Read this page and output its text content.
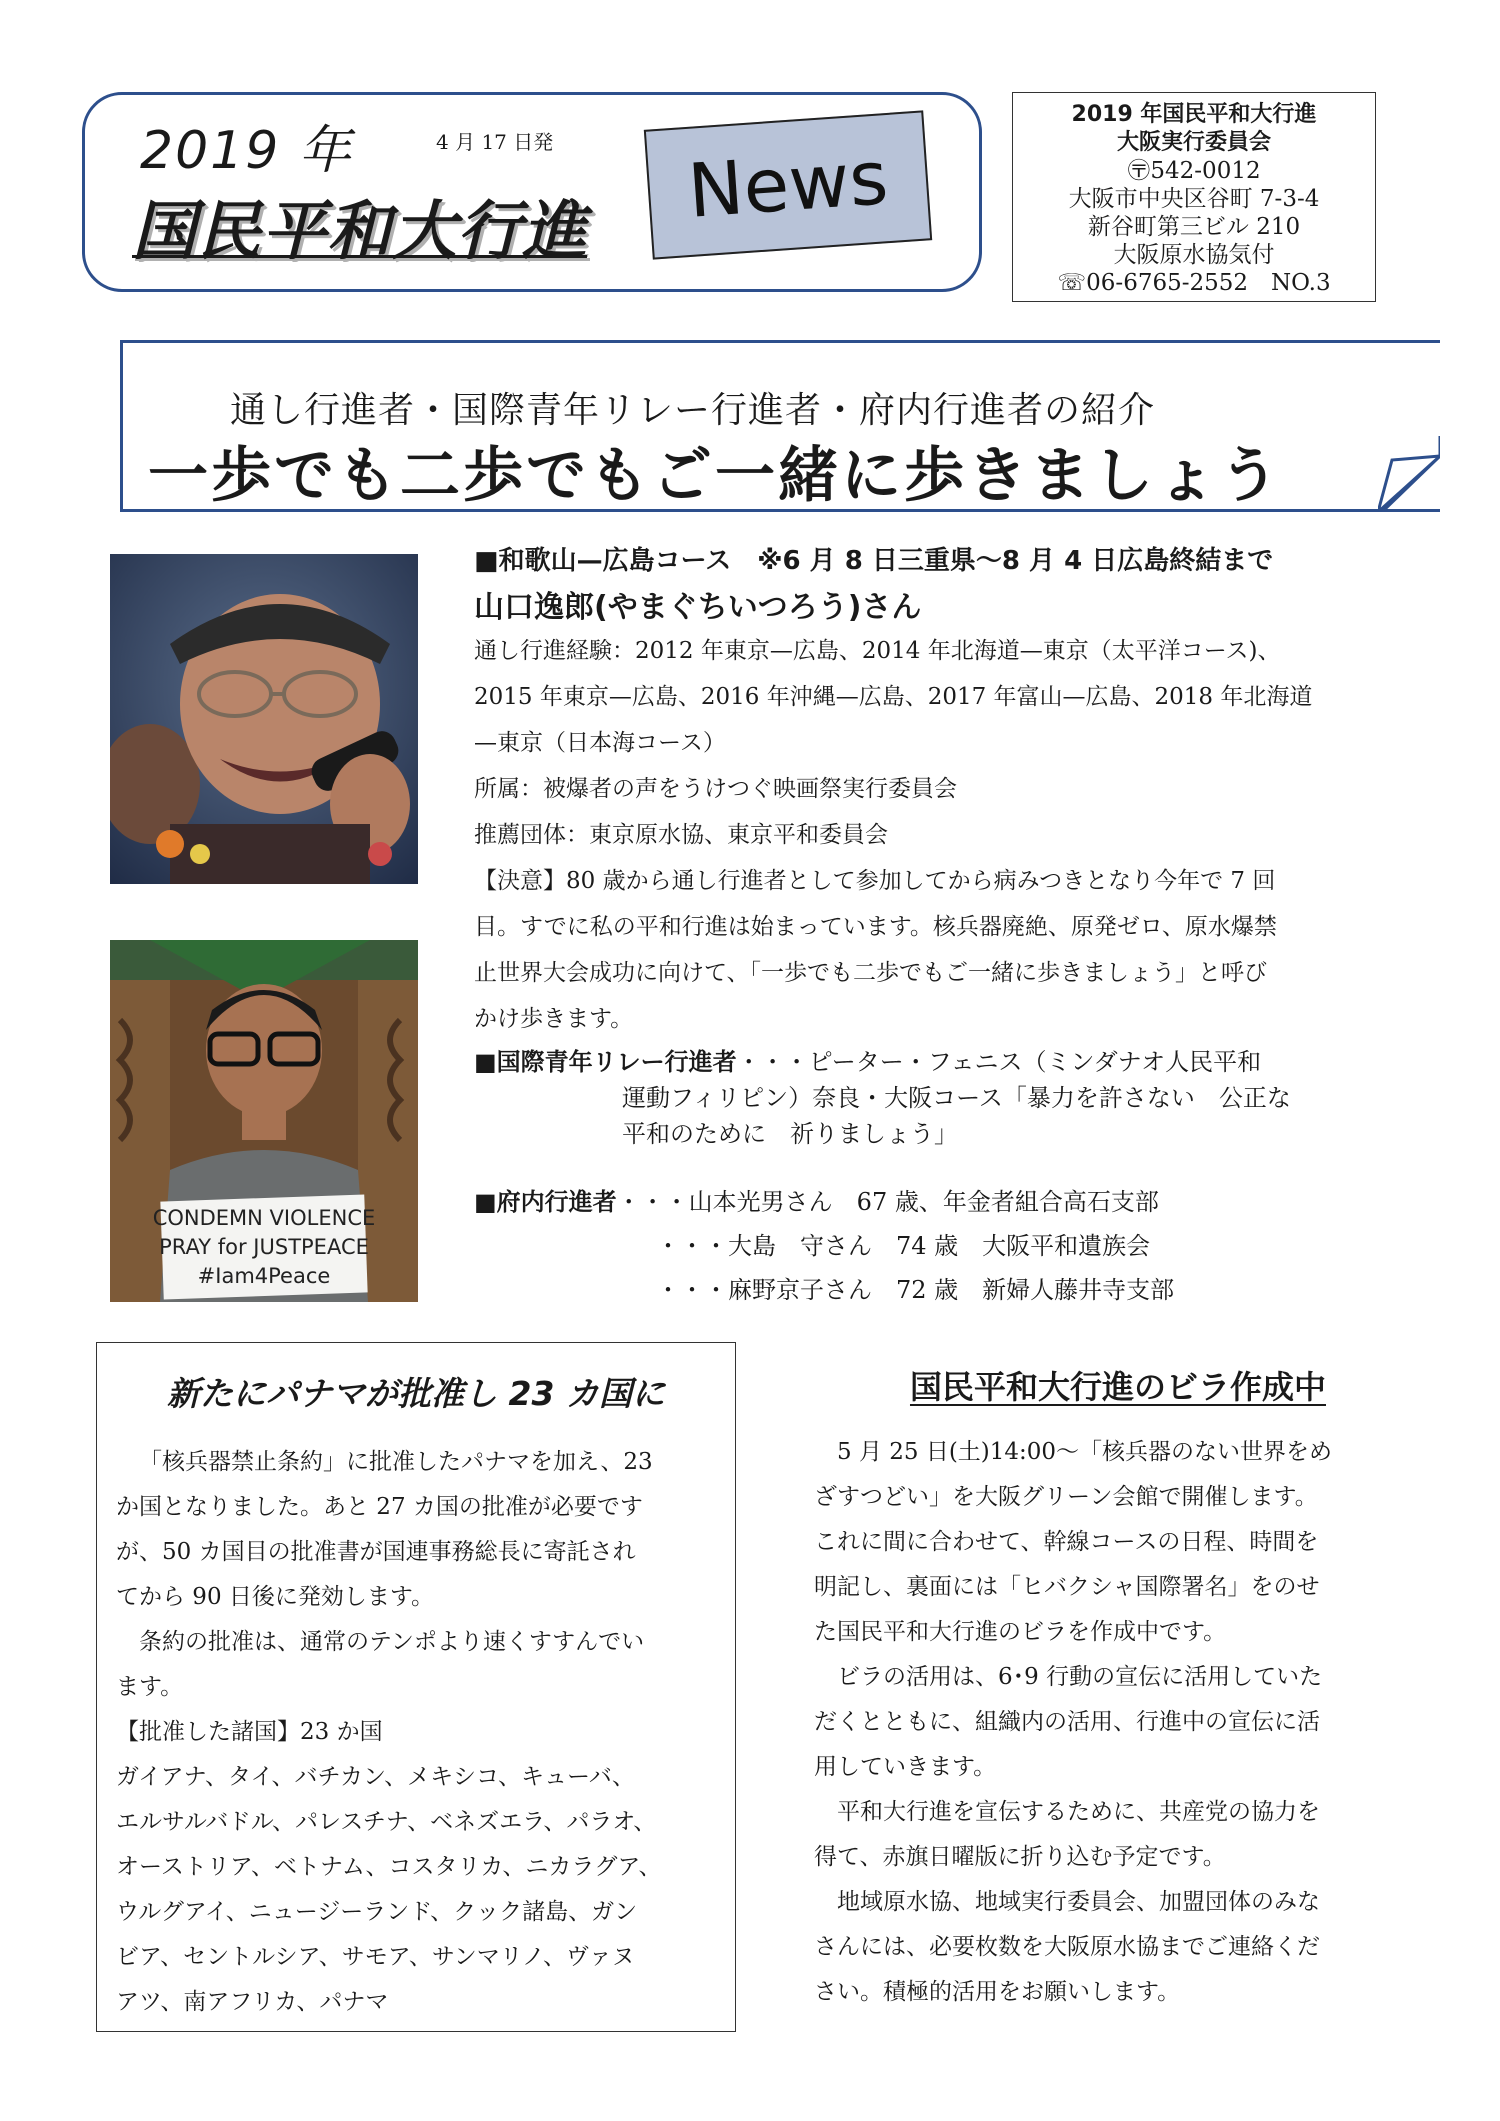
2019 年	4 月 17 日発
国民平和大行進 News
2019 年国民平和大行進
大阪実行委員会
〶542-0012
大阪市中央区谷町 7-3-4
新谷町第三ビル 210
大阪原水協気付
☏06-6765-2552　NO.3
通し行進者・国際青年リレー行進者・府内行進者の紹介
一歩でも二歩でもご一緒に歩きましょう
CONDEMN VIOLENCE
PRAY for JUSTPEACE
#Iam4Peace
■和歌山—広島コース　※6 月 8 日三重県〜8 月 4 日広島終結まで
山口逸郎(やまぐちいつろう)さん

通し行進経験：2012 年東京—広島、2014 年北海道—東京（太平洋コース)、

2015 年東京—広島、2016 年沖縄—広島、2017 年富山—広島、2018 年北海道

—東京（日本海コース）

所属：被爆者の声をうけつぐ映画祭実行委員会

推薦団体：東京原水協、東京平和委員会

【決意】80 歳から通し行進者として参加してから病みつきとなり今年で 7 回

目。すでに私の平和行進は始まっています。核兵器廃絶、原発ゼロ、原水爆禁

止世界大会成功に向けて、「一歩でも二歩でもご一緒に歩きましょう」と呼び

かけ歩きます。

■国際青年リレー行進者・・・ピーター・フェニス（ミンダナオ人民平和
運動フィリピン）奈良・大阪コース「暴力を許さない　公正な
平和のために　祈りましょう」
■府内行進者・・・山本光男さん　67 歳、年金者組合高石支部
・・・大島　守さん　74 歳　大阪平和遺族会
・・・麻野京子さん　72 歳　新婦人藤井寺支部
新たにパナマが批准し 23 カ国に

「核兵器禁止条約」に批准したパナマを加え、23

か国となりました。あと 27 カ国の批准が必要です

が、50 カ国目の批准書が国連事務総長に寄託され

てから 90 日後に発効します。

条約の批准は、通常のテンポより速くすすんでい

ます。

【批准した諸国】23 か国

ガイアナ、タイ、バチカン、メキシコ、キューバ、

エルサルバドル、パレスチナ、ベネズエラ、パラオ、

オーストリア、ベトナム、コスタリカ、ニカラグア、

ウルグアイ、ニュージーランド、クック諸島、ガン

ビア、セントルシア、サモア、サンマリノ、ヴァヌ

アツ、南アフリカ、パナマ

国民平和大行進のビラ作成中

5 月 25 日(土)14:00〜「核兵器のない世界をめ

ざすつどい」を大阪グリーン会館で開催します。

これに間に合わせて、幹線コースの日程、時間を

明記し、裏面には「ヒバクシャ国際署名」をのせ

た国民平和大行進のビラを作成中です。

ビラの活用は、6･9 行動の宣伝に活用していた

だくとともに、組織内の活用、行進中の宣伝に活

用していきます。

平和大行進を宣伝するために、共産党の協力を

得て、赤旗日曜版に折り込む予定です。

地域原水協、地域実行委員会、加盟団体のみな

さんには、必要枚数を大阪原水協までご連絡くだ

さい。積極的活用をお願いします。
